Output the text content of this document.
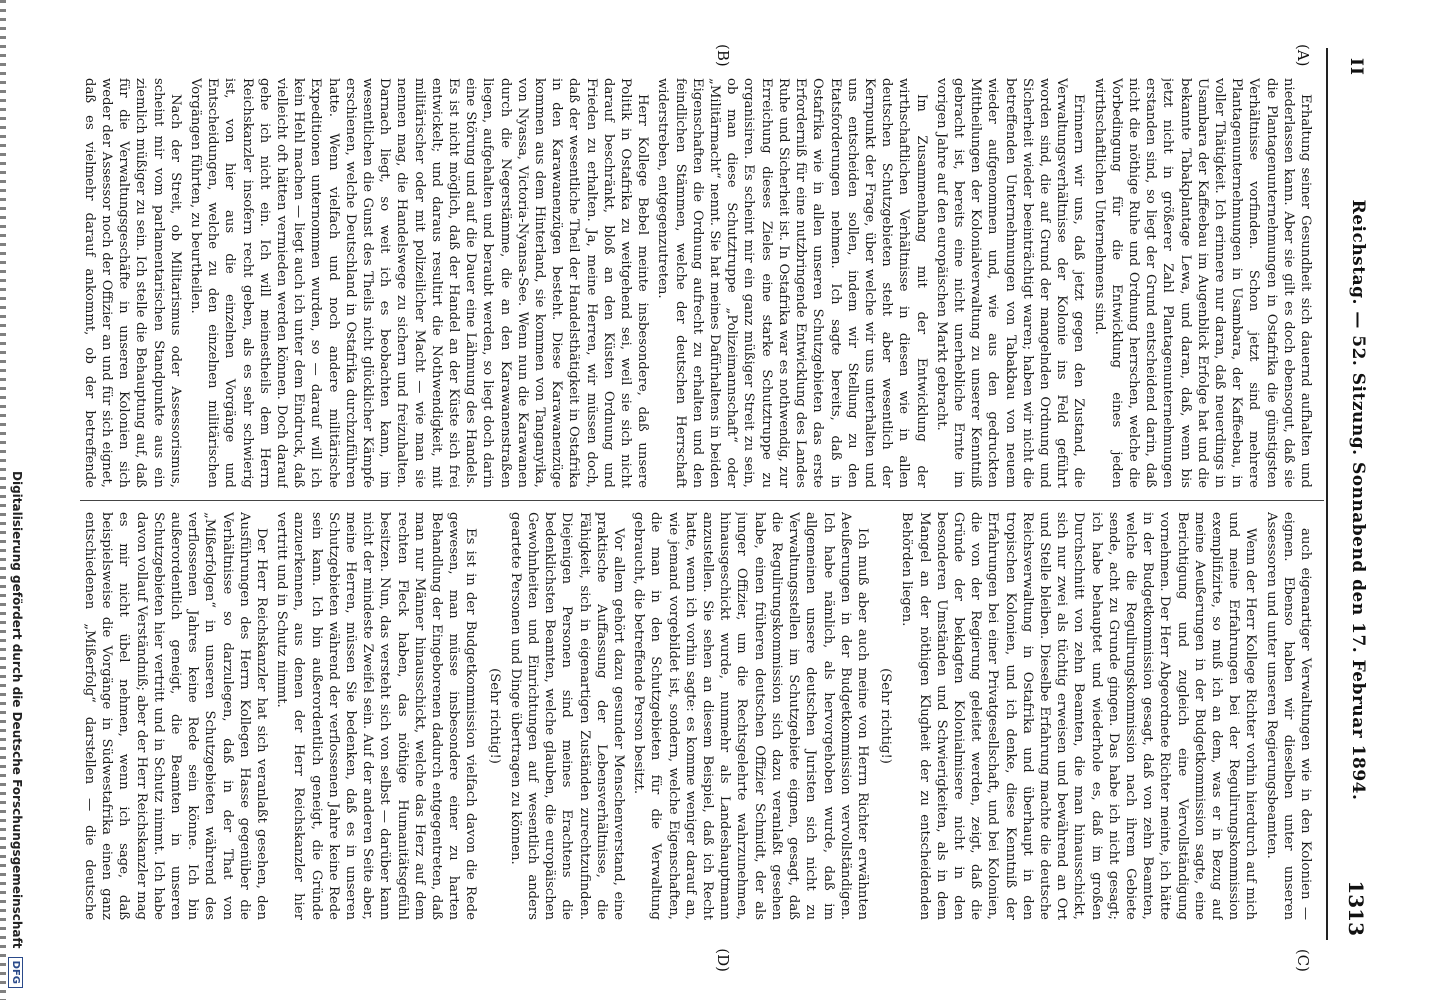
II
Reichstag. — 52. Sitzung. Sonnabend den 17. Februar 1894.
1313
(A)
(B)
(C)
(D)

Erhaltung seiner Gesundheit sich dauernd aufhalten und niederlassen kann. Aber sie gilt es doch ebensogut, daß sie die Plantagenunternehmungen in Ostafrika die günstigsten Verhältnisse vorfinden. Schon jetzt sind mehrere Plantagenunternehmungen in Usambara, der Kaffeebau, in voller Thätigkeit. Ich erinnere nur daran, daß neuerdings in Usambara der Kaffeebau im Augenblick Erfolge hat und die bekannte Tabakplantage Lewa, und daran, daß, wenn bis jetzt nicht in größerer Zahl Plantagenunternehmungen erstanden sind, so liegt der Grund entscheidend darin, daß nicht die nöthige Ruhe und Ordnung herrschen, welche die Vorbedingung für die Entwicklung eines jeden wirthschaftlichen Unternehmens sind.

Erinnern wir uns, daß jetzt gegen den Zustand, die Verwaltungsverhältnisse der Kolonie ins Feld geführt worden sind, die auf Grund der mangelnden Ordnung und Sicherheit wieder beeinträchtigt waren; haben wir nicht die betreffenden Unternehmungen von Tabakbau von neuem wieder aufgenommen und, wie aus den gedruckten Mittheilungen der Kolonialverwaltung zu unserer Kenntniß gebracht ist, bereits eine nicht unerhebliche Ernte im vorigen Jahre auf den europäischen Markt gebracht.

Im Zusammenhang mit der Entwicklung der wirthschaftlichen Verhältnisse in diesen wie in allen deutschen Schutzgebieten steht aber wesentlich der Kernpunkt der Frage, über welche wir uns unterhalten und uns entscheiden sollen, indem wir Stellung zu den Etatsforderungen nehmen. Ich sagte bereits, daß in Ostafrika wie in allen unseren Schutzgebieten das erste Erforderniß für eine nutzbringende Entwicklung des Landes Ruhe und Sicherheit ist. In Ostafrika war es nothwendig, zur Erreichung dieses Zieles eine starke Schutztruppe zu organisiren. Es scheint mir ein ganz müßiger Streit zu sein, ob man diese Schutztruppe „Polizeimannschaft“ oder „Militärmacht“ nennt. Sie hat meines Dafürhaltens in beiden Eigenschaften die Ordnung aufrecht zu erhalten und den feindlichen Stämmen, welche der deutschen Herrschaft widerstreben, entgegenzutreten.

Herr Kollege Bebel meinte insbesondere, daß unsere Politik in Ostafrika zu weitgehend sei, weil sie sich nicht darauf beschränkt, bloß an den Küsten Ordnung und Frieden zu erhalten. Ja, meine Herren, wir müssen doch, daß der wesentliche Theil der Handelsthätigkeit in Ostafrika in den Karawanenzügen besteht. Diese Karawanenzüge kommen aus dem Hinterland, sie kommen von Tanganyika, von Nyassa, Victoria-Nyansa-See. Wenn nun die Karawanen durch die Negerstämme, die an den Karawanenstraßen liegen, aufgehalten und beraubt werden, so liegt doch darin eine Störung und auf die Dauer eine Lähmung des Handels. Es ist nicht möglich, daß der Handel an der Küste sich frei entwickelt; und daraus resultirt die Nothwendigkeit, mit militärischer oder mit polizeilicher Macht — wie man sie nennen mag, die Handelswege zu sichern und freizuhalten. Darnach liegt, so weit ich es beobachten kann, im wesentlichen die Gunst des Theils nicht glücklicher Kämpfe erschienen, welche Deutschland in Ostafrika durchzuführen hatte. Wenn vielfach und noch andere militärische Expeditionen unternommen wurden, so — darauf will ich kein Hehl machen — liegt auch ich unter dem Eindruck, daß vielleicht oft hätten vermieden werden können. Doch darauf gehe ich nicht ein. Ich will meinestheils dem Herrn Reichskanzler insofern recht geben, als es sehr schwierig ist, von hier aus die einzelnen Vorgänge und Entscheidungen, welche zu den einzelnen militärischen Vorgängen führten, zu beurtheilen.

Nach der Streit, ob Militarismus oder Assessorismus, scheint mir vom parlamentarischen Standpunkte aus ein ziemlich müßiger zu sein. Ich stelle die Behauptung auf, daß für die Verwaltungsgeschäfte in unseren Kolonien sich weder der Assessor noch der Offizier an und für sich eignet, daß es vielmehr darauf ankommt, ob der betreffende

auch eigenartiger Verwaltungen wie in den Kolonien — eignen. Ebenso haben wir dieselben unter unseren Assessoren und unter unseren Regierungsbeamten.

Wenn der Herr Kollege Richter vorhin hierdurch auf mich und meine Erfahrungen bei der Regulirungskommission exemplifizirte, so muß ich an dem, was er in Bezug auf meine Aeußerungen in der Budgetkommission sagte, eine Berichtigung und zugleich eine Vervollständigung vornehmen. Der Herr Abgeordnete Richter meinte, ich hätte in der Budgetkommission gesagt, daß von zehn Beamten, welche die Regulirungskommission nach ihrem Gebiete sende, acht zu Grunde gingen. Das habe ich nicht gesagt; ich habe behauptet und wiederhole es, daß im großen Durchschnitt von zehn Beamten, die man hinausschickt, sich nur zwei als tüchtig erweisen und bewährend an Ort und Stelle bleiben. Dieselbe Erfahrung machte die deutsche Reichsverwaltung in Ostafrika und überhaupt in den tropischen Kolonien, und ich denke, diese Kenntniß der Erfahrungen bei einer Privatgesellschaft, und bei Kolonien, die von der Regierung geleitet werden, zeigt, daß die Gründe der beklagten Kolonialmisere nicht in den besonderen Umständen und Schwierigkeiten, als in dem Mangel an der nöthigen Klugheit der zu entscheidenden Behörden liegen.

(Sehr richtig!)

Ich muß aber auch meine von Herrn Richter erwähnten Aeußerungen in der Budgetkommission vervollständigen. Ich habe nämlich, als hervorgehoben wurde, daß im allgemeinen unsere deutschen Juristen sich nicht zu Verwaltungsstellen im Schutzgebiete eignen, gesagt, daß die Regulirungskommission sich dazu veranlaßt gesehen habe, einen früheren deutschen Offizier Schmidt, der als junger Offizier, um die Rechtsgelehrte wahrzunehmen, hinausgeschickt wurde, nunmehr als Landeshauptmann anzustellen. Sie sehen an diesem Beispiel, daß ich Recht hatte, wenn ich vorhin sagte: es komme weniger darauf an, wie jemand vorgebildet ist, sondern, welche Eigenschaften, die man in den Schutzgebieten für die Verwaltung gebraucht, die betreffende Person besitzt.

Vor allem gehört dazu gesunder Menschenverstand, eine praktische Auffassung der Lebensverhältnisse, die Fähigkeit, sich in eigenartigen Zuständen zurechtzufinden. Diejenigen Personen sind meines Erachtens die bedenklichsten Beamten, welche glauben, die europäischen Gewohnheiten und Einrichtungen auf wesentlich anders geartete Personen und Dinge übertragen zu können.

(Sehr richtig!)

Es ist in der Budgetkommission vielfach davon die Rede gewesen, man müsse insbesondere einer zu harten Behandlung der Eingeborenen dadurch entgegentreten, daß man nur Männer hinausschickt, welche das Herz auf dem rechten Fleck haben, das nöthige Humanitätsgefühl besitzen. Nun, das versteht sich von selbst — darüber kann nicht der mindeste Zweifel sein. Auf der anderen Seite aber, meine Herren, müssen Sie bedenken, daß es in unseren Schutzgebieten während der verflossenen Jahre keine Rede sein kann. Ich bin außerordentlich geneigt, die Gründe anzuerkennen, aus denen der Herr Reichskanzler hier vertritt und in Schutz nimmt.

Der Herr Reichskanzler hat sich veranlaßt gesehen, den Ausführungen des Herrn Kollegen Hasse gegenüber die Verhältnisse so darzulegen, daß in der That von „Mißerfolgen“ in unseren Schutzgebieten während des verflossenen Jahres keine Rede sein könne. Ich bin außerordentlich geneigt, die Beamten in unseren Schutzgebieten hier vertritt und in Schutz nimmt. Ich habe davon vollauf Verständniß; aber der Herr Reichskanzler mag es mir nicht übel nehmen, wenn ich sage, daß beispielsweise die Vorgänge in Südwestafrika einen ganz entschiedenen „Mißerfolg“ darstellen — die deutsche

Digitalisierung gefördert durch die Deutsche Forschungsgemeinschaft DFG
